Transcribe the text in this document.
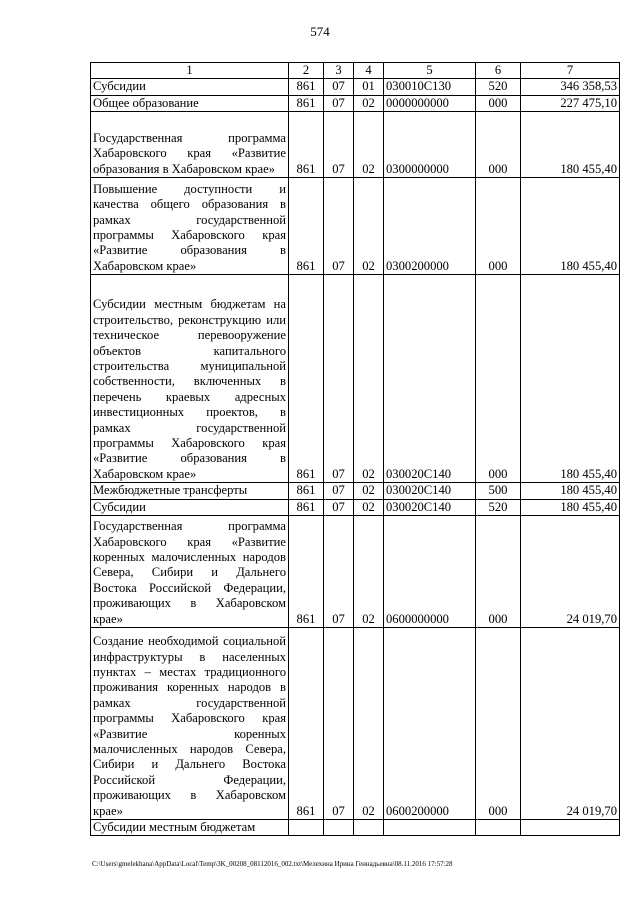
574
1	2	3	4	5	6	7
Субсидии	861	07	01	030010С130	520	346 358,53
Общее образование	861	07	02	0000000000	000	227 475,10
Государственная программа Хабаровского края «Развитие образования в Хабаровском крае»	861	07	02	0300000000	000	180 455,40
Повышение доступности и качества общего образования в рамках государственной программы Хабаровского края «Развитие образования в Хабаровском крае»	861	07	02	0300200000	000	180 455,40
Субсидии местным бюджетам на строительство, реконструкцию или техническое перевооружение объектов капитального строительства муниципальной собственности, включенных в перечень краевых адресных инвестиционных проектов, в рамках государственной программы Хабаровского края «Развитие образования в Хабаровском крае»	861	07	02	030020С140	000	180 455,40
Межбюджетные трансферты	861	07	02	030020С140	500	180 455,40
Субсидии	861	07	02	030020С140	520	180 455,40
Государственная программа Хабаровского края «Развитие коренных малочисленных народов Севера, Сибири и Дальнего Востока Российской Федерации, проживающих в Хабаровском крае»	861	07	02	0600000000	000	24 019,70
Создание необходимой социальной инфраструктуры в населенных пунктах – местах традиционного проживания коренных народов в рамках государственной программы Хабаровского края «Развитие коренных малочисленных народов Севера, Сибири и Дальнего Востока Российской Федерации, проживающих в Хабаровском крае»	861	07	02	0600200000	000	24 019,70
Субсидии местным бюджетам						
C:\Users\gmelekhana\AppData\Local\Temp\3K_00208_08112016_002.txt\Мелехина Ирина Геннадьевна\08.11.2016 17:57:28
